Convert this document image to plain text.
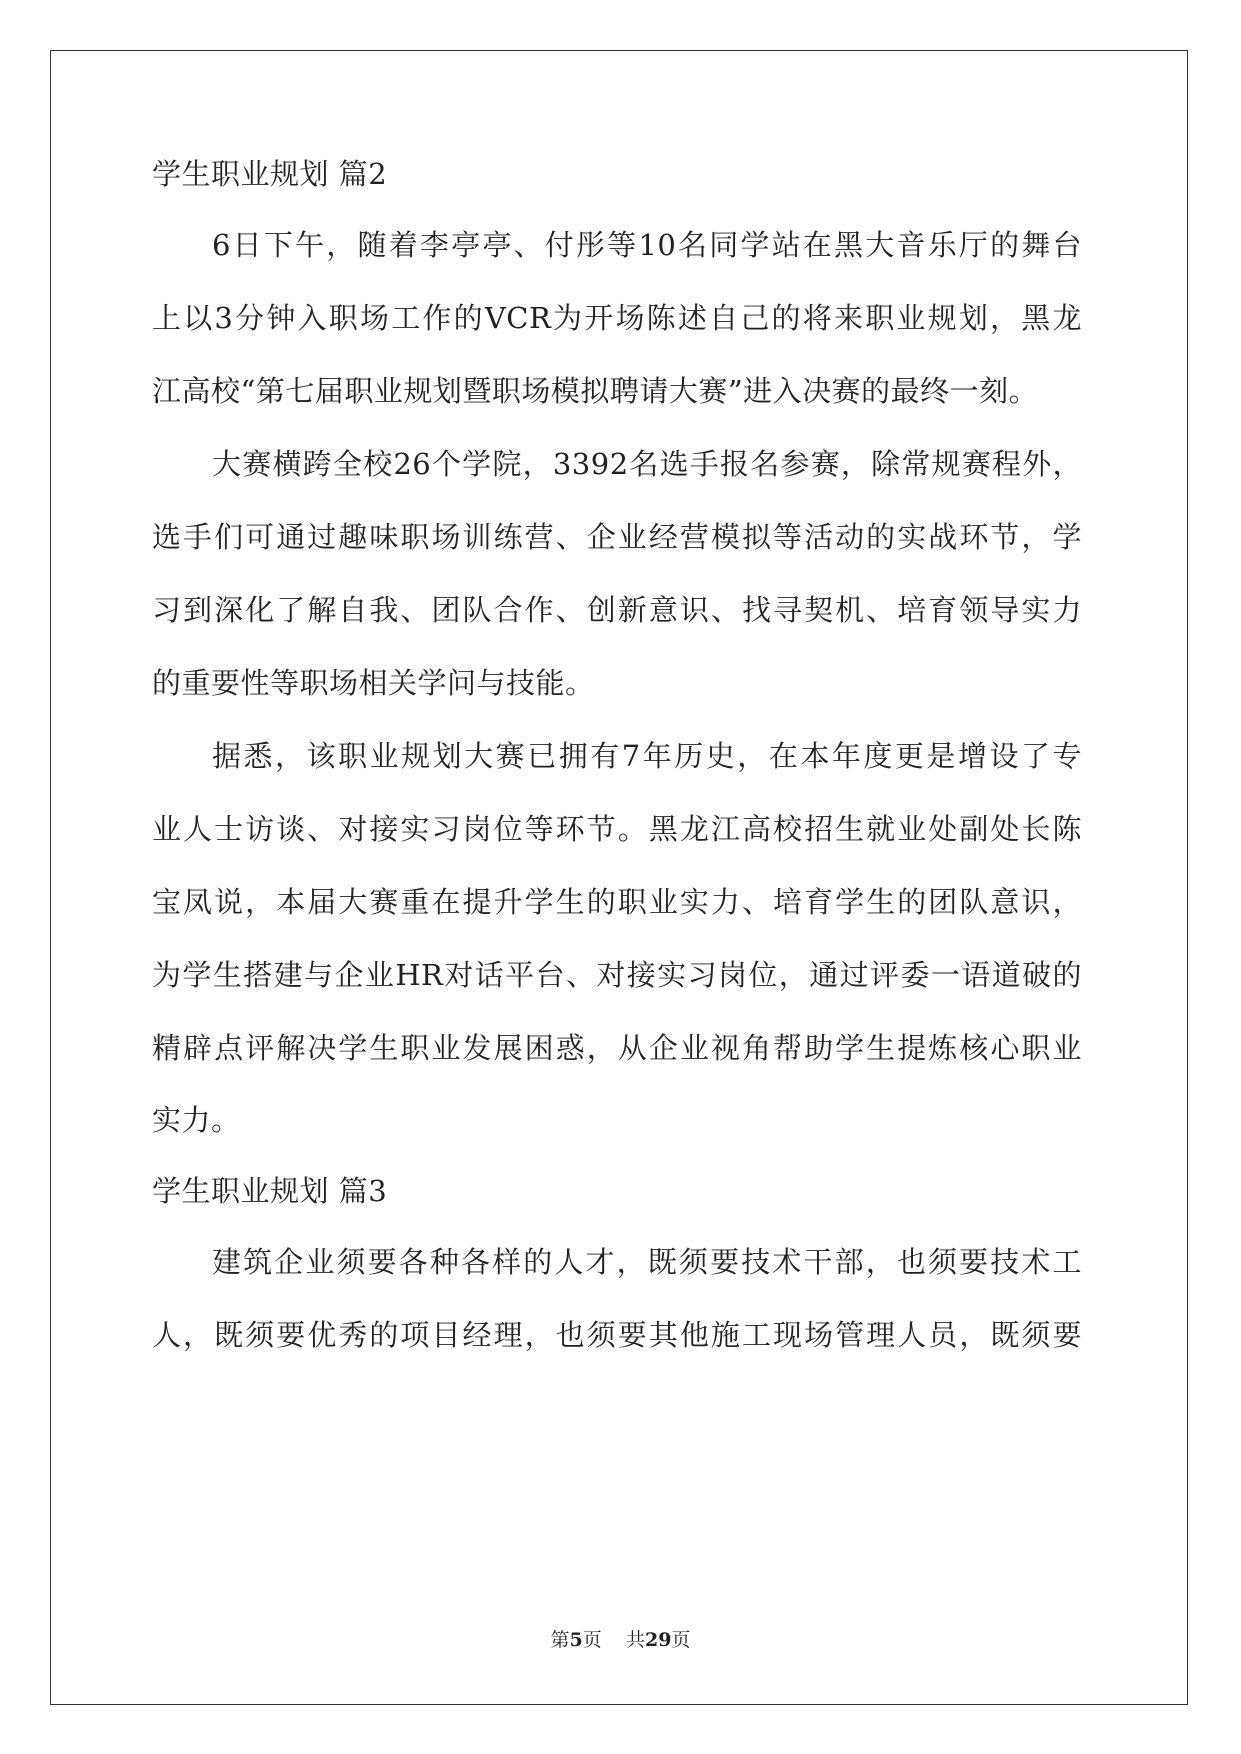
学生职业规划 篇2
6日下午，随着李亭亭、付彤等10名同学站在黑大音乐厅的舞台
上以3分钟入职场工作的VCR为开场陈述自己的将来职业规划，黑龙
江高校“第七届职业规划暨职场模拟聘请大赛”进入决赛的最终一刻。
大赛横跨全校26个学院，3392名选手报名参赛，除常规赛程外，
选手们可通过趣味职场训练营、企业经营模拟等活动的实战环节，学
习到深化了解自我、团队合作、创新意识、找寻契机、培育领导实力
的重要性等职场相关学问与技能。
据悉，该职业规划大赛已拥有7年历史，在本年度更是增设了专
业人士访谈、对接实习岗位等环节。黑龙江高校招生就业处副处长陈
宝凤说，本届大赛重在提升学生的职业实力、培育学生的团队意识，
为学生搭建与企业HR对话平台、对接实习岗位，通过评委一语道破的
精辟点评解决学生职业发展困惑，从企业视角帮助学生提炼核心职业
实力。
学生职业规划 篇3
建筑企业须要各种各样的人才，既须要技术干部，也须要技术工
人，既须要优秀的项目经理，也须要其他施工现场管理人员，既须要
第5页 共29页
